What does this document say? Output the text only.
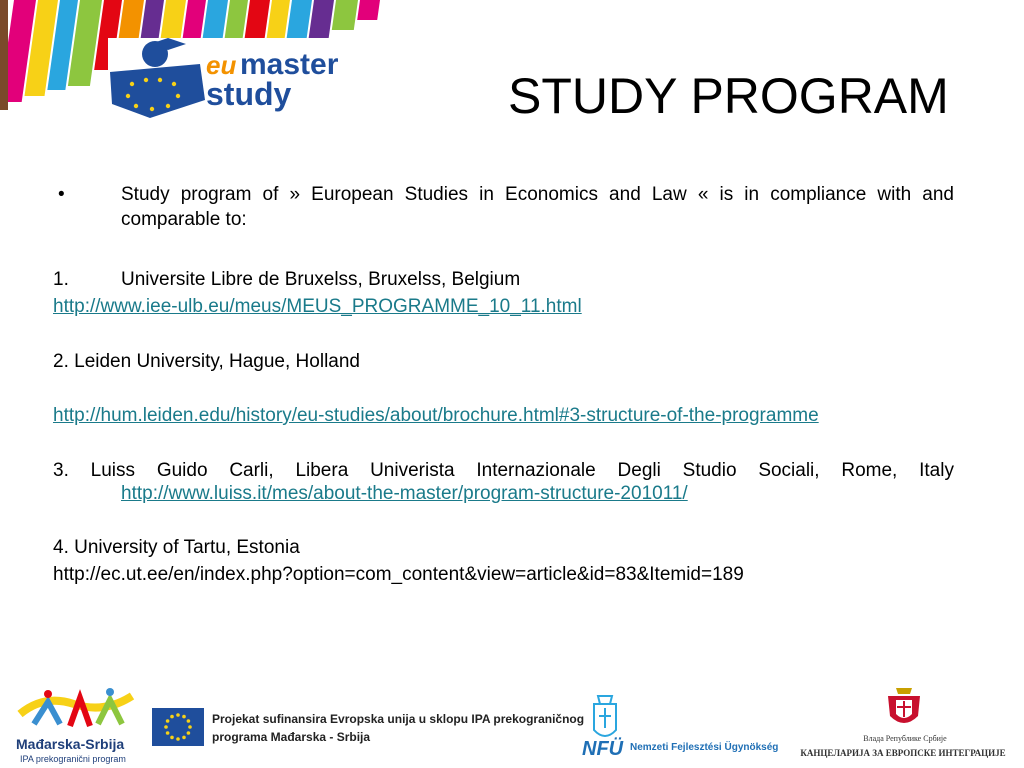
eu master
study	STUDY PROGRAM
•	Study program of » European Studies in Economics and Law « is in compliance with and comparable to:
1.	Universite Libre de Bruxelss, Bruxelss, Belgium
http://www.iee-ulb.eu/meus/MEUS_PROGRAMME_10_11.html
2. Leiden University, Hague, Holland
http://hum.leiden.edu/history/eu-studies/about/brochure.html#3-structure-of-the-programme
3. Luiss Guido Carli, Libera Univerista Internazionale Degli Studio Sociali, Rome, Italy
http://www.luiss.it/mes/about-the-master/program-structure-201011/
4. University of Tartu, Estonia
http://ec.ut.ee/en/index.php?option=com_content&view=article&id=83&Itemid=189
Mađarska-Srbija
IPA prekogranični program
Projekat sufinansira Evropska unija u sklopu IPA prekograničnog
programa Mađarska - Srbija
NFÜ Nemzeti Fejlesztési Ügynökség
Влада Републике Србије
КАНЦЕЛАРИЈА ЗА ЕВРОПСКЕ ИНТЕГРАЦИЈЕ
